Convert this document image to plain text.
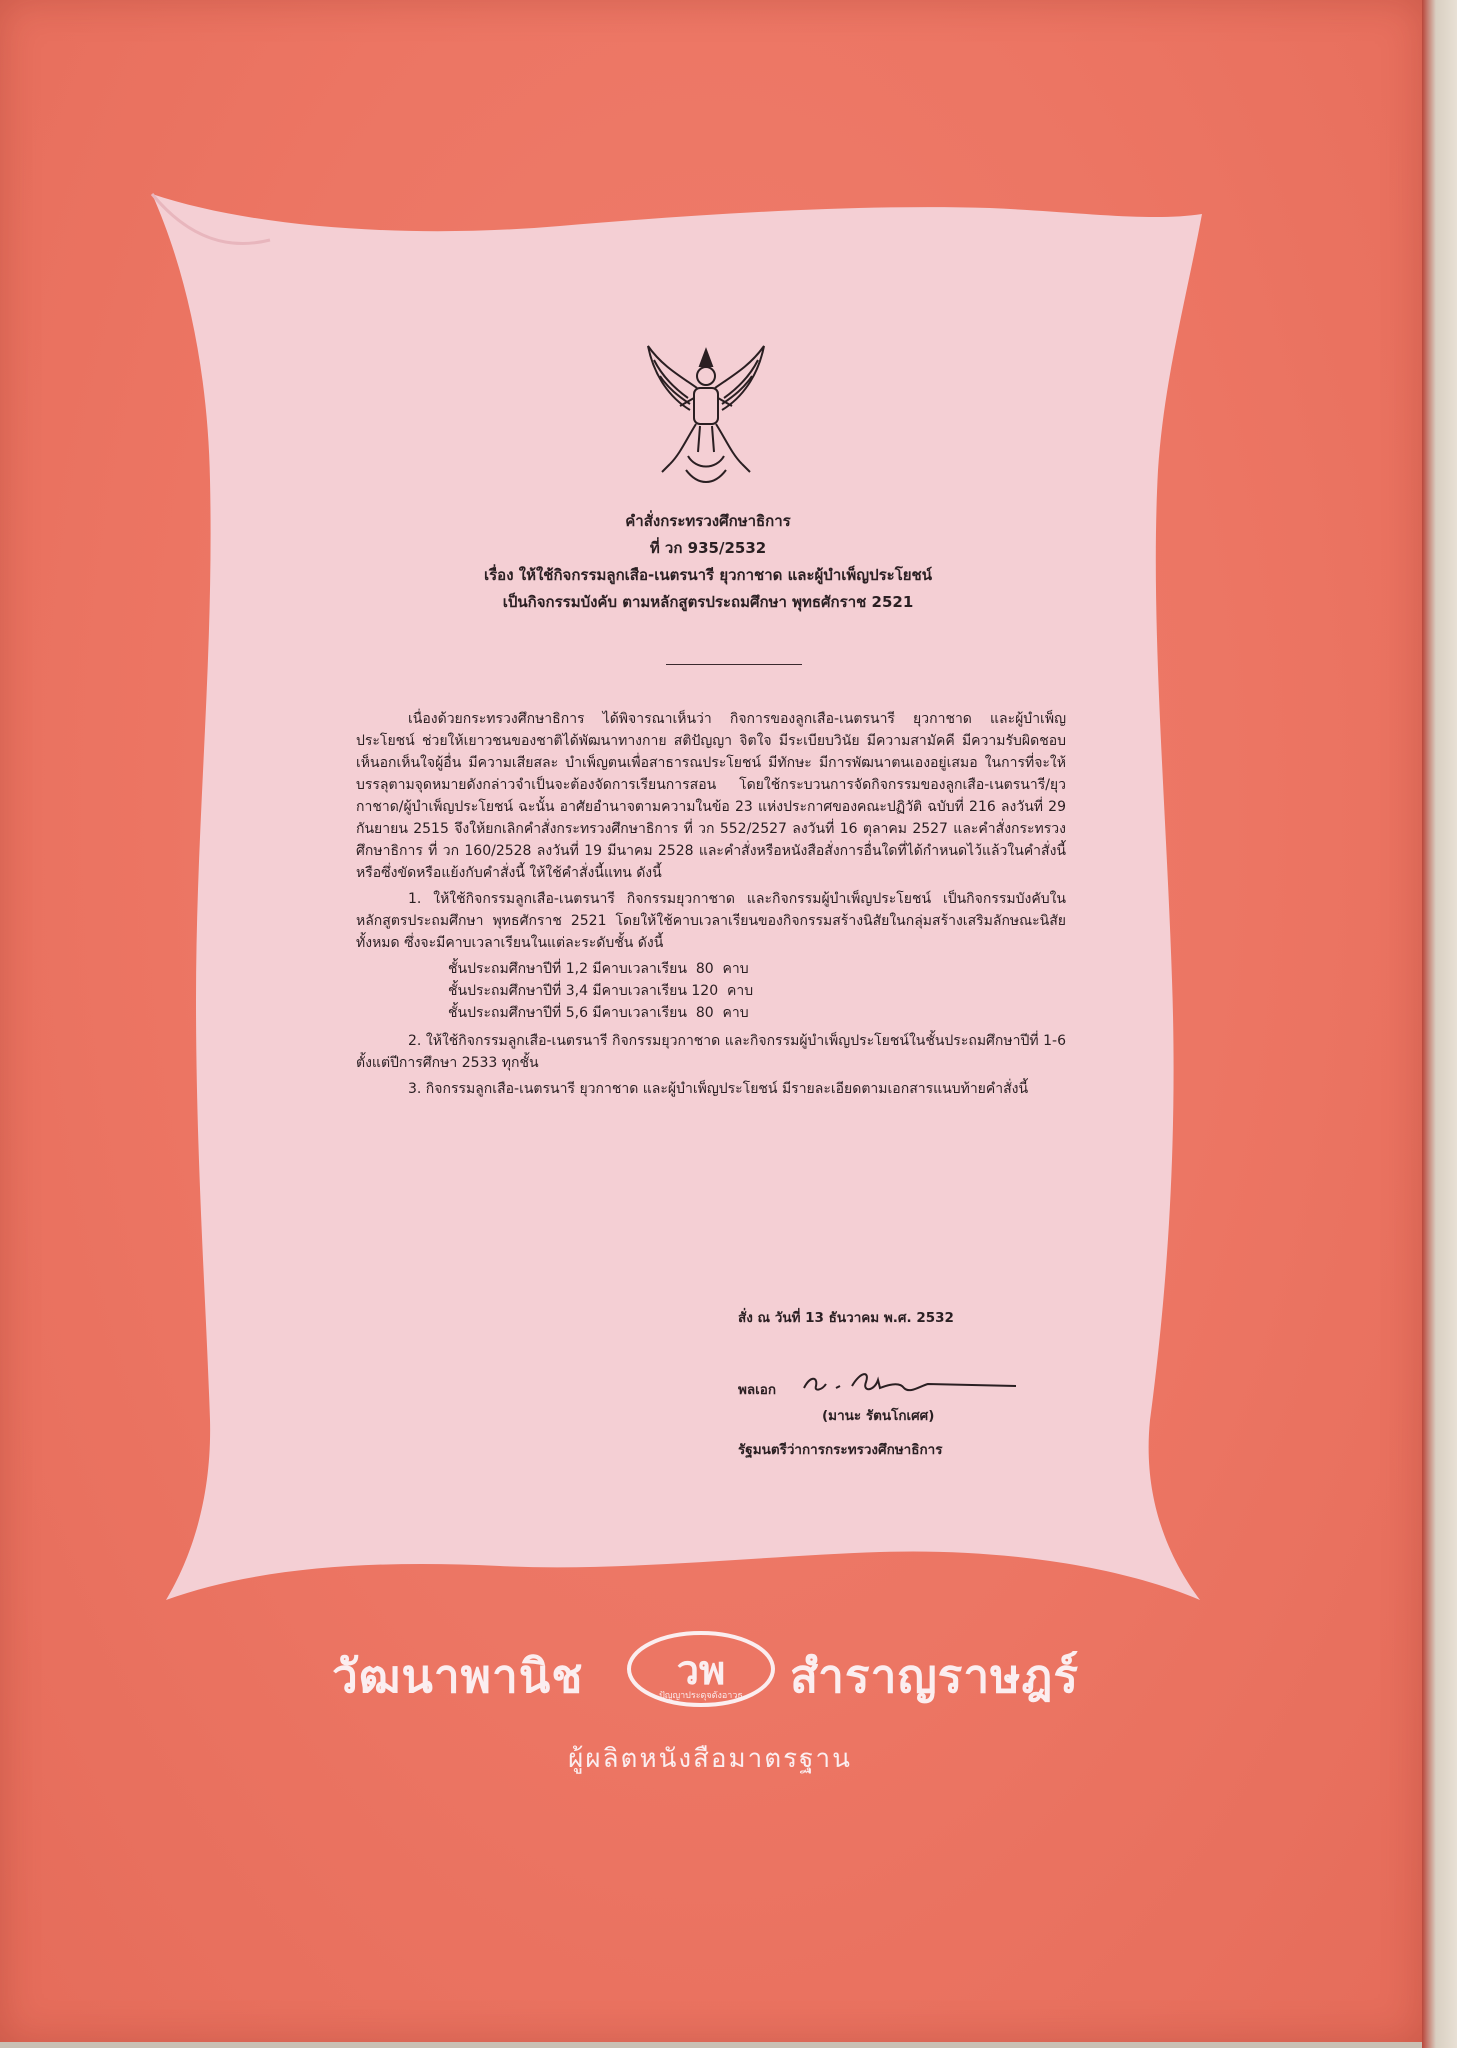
คำสั่งกระทรวงศึกษาธิการ
ที่ วก 935/2532
เรื่อง ให้ใช้กิจกรรมลูกเสือ-เนตรนารี ยุวกาชาด และผู้บำเพ็ญประโยชน์
เป็นกิจกรรมบังคับ ตามหลักสูตรประถมศึกษา พุทธศักราช 2521

เนื่องด้วยกระทรวงศึกษาธิการ ได้พิจารณาเห็นว่า กิจการของลูกเสือ-เนตรนารี ยุวกาชาด และผู้บำเพ็ญประโยชน์ ช่วยให้เยาวชนของชาติได้พัฒนาทางกาย สติปัญญา จิตใจ มีระเบียบวินัย มีความสามัคคี มีความรับผิดชอบ เห็นอกเห็นใจผู้อื่น มีความเสียสละ บำเพ็ญตนเพื่อสาธารณประโยชน์ มีทักษะ มีการพัฒนาตนเองอยู่เสมอ ในการที่จะให้บรรลุตามจุดหมายดังกล่าวจำเป็นจะต้องจัดการเรียนการสอน โดยใช้กระบวนการจัดกิจกรรมของลูกเสือ-เนตรนารี/ยุวกาชาด/ผู้บำเพ็ญประโยชน์ ฉะนั้น อาศัยอำนาจตามความในข้อ 23 แห่งประกาศของคณะปฏิวัติ ฉบับที่ 216 ลงวันที่ 29 กันยายน 2515 จึงให้ยกเลิกคำสั่งกระทรวงศึกษาธิการ ที่ วก 552/2527 ลงวันที่ 16 ตุลาคม 2527 และคำสั่งกระทรวงศึกษาธิการ ที่ วก 160/2528 ลงวันที่ 19 มีนาคม 2528 และคำสั่งหรือหนังสือสั่งการอื่นใดที่ได้กำหนดไว้แล้วในคำสั่งนี้หรือซึ่งขัดหรือแย้งกับคำสั่งนี้ ให้ใช้คำสั่งนี้แทน ดังนี้

1. ให้ใช้กิจกรรมลูกเสือ-เนตรนารี กิจกรรมยุวกาชาด และกิจกรรมผู้บำเพ็ญประโยชน์ เป็นกิจกรรมบังคับในหลักสูตรประถมศึกษา พุทธศักราช 2521 โดยให้ใช้คาบเวลาเรียนของกิจกรรมสร้างนิสัยในกลุ่มสร้างเสริมลักษณะนิสัยทั้งหมด ซึ่งจะมีคาบเวลาเรียนในแต่ละระดับชั้น ดังนี้

ชั้นประถมศึกษาปีที่ 1,2 มีคาบเวลาเรียน  80  คาบ
ชั้นประถมศึกษาปีที่ 3,4 มีคาบเวลาเรียน 120  คาบ
ชั้นประถมศึกษาปีที่ 5,6 มีคาบเวลาเรียน  80  คาบ

2. ให้ใช้กิจกรรมลูกเสือ-เนตรนารี กิจกรรมยุวกาชาด และกิจกรรมผู้บำเพ็ญประโยชน์ในชั้นประถมศึกษาปีที่ 1-6 ตั้งแต่ปีการศึกษา 2533 ทุกชั้น

3. กิจกรรมลูกเสือ-เนตรนารี ยุวกาชาด และผู้บำเพ็ญประโยชน์ มีรายละเอียดตามเอกสารแนบท้ายคำสั่งนี้

สั่ง ณ วันที่ 13 ธันวาคม พ.ศ. 2532
พลเอก
(มานะ รัตนโกเศศ)
รัฐมนตรีว่าการกระทรวงศึกษาธิการ
วัฒนาพานิช	วพ
ปัญญาประดุจดังอาวุธ	สำราญราษฎร์
ผู้ผลิตหนังสือมาตรฐาน
